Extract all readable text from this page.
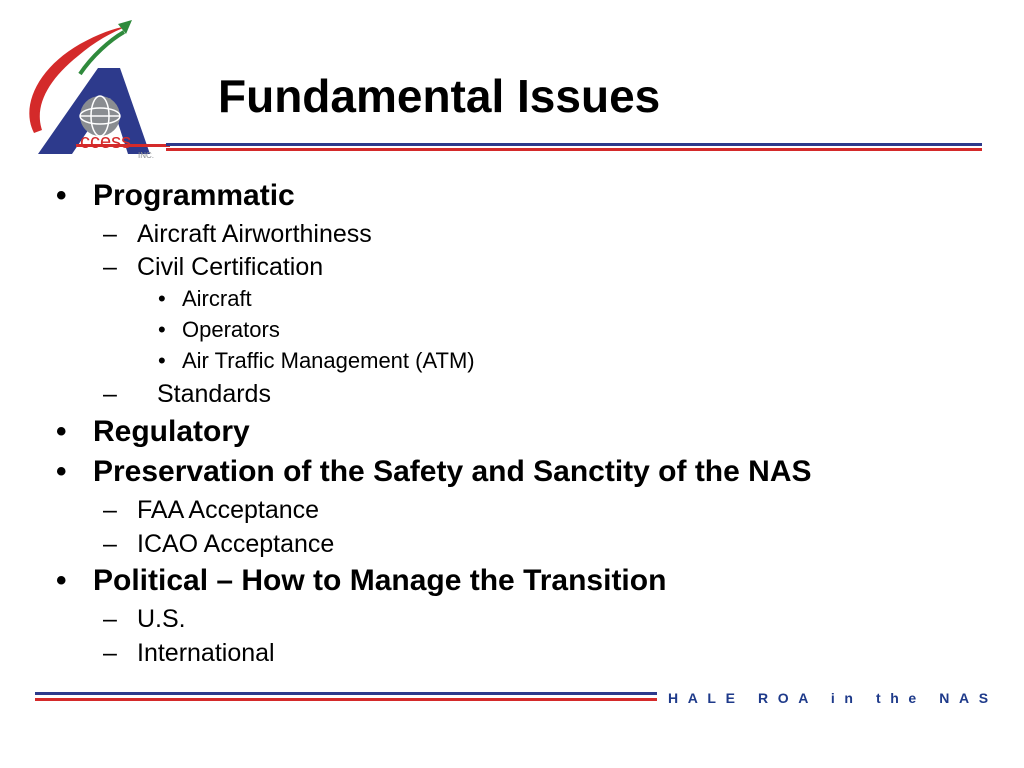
ccess
INC.
Fundamental Issues
• Programmatic
– Aircraft Airworthiness
– Civil Certification
• Aircraft
• Operators
• Air Traffic Management (ATM)
– Standards
• Regulatory
• Preservation of the Safety and Sanctity of the NAS
– FAA Acceptance
– ICAO Acceptance
• Political – How to Manage the Transition
– U.S.
– International
HALE ROA in the NAS
